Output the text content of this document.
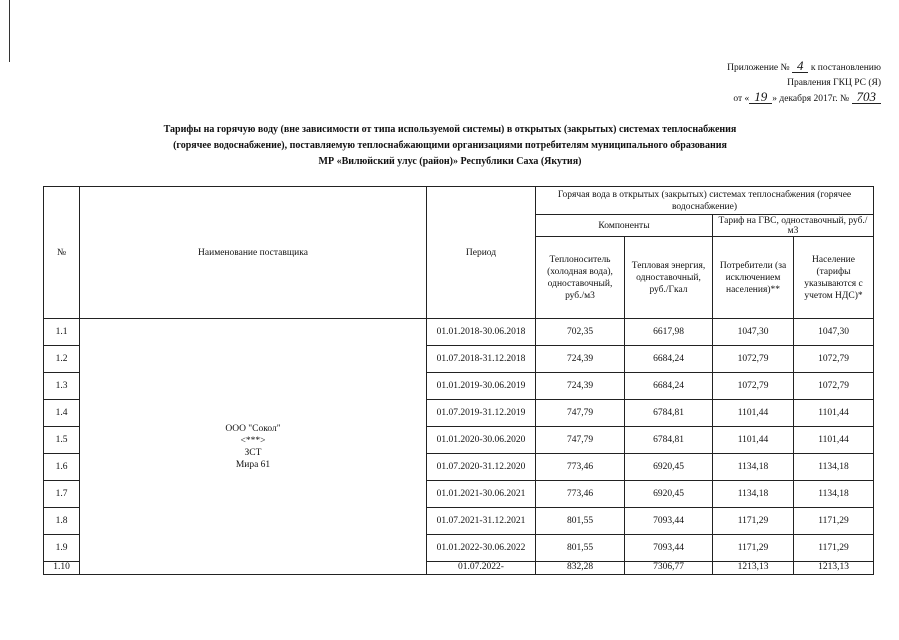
Приложение № 4 к постановлению
Правления ГКЦ РС (Я)
от « 19 » декабря 2017г. № 703
Тарифы на горячую воду (вне зависимости от типа используемой системы) в открытых (закрытых) системах теплоснабжения
(горячее водоснабжение), поставляемую теплоснабжающими организациями потребителям муниципального образования
МР «Вилюйский улус (район)» Республики Саха (Якутия)
№	Наименование поставщика	Период	Горячая вода в открытых (закрытых) системах теплоснабжения (горячее водоснабжение)			
			Компоненты		Тариф на ГВС, одноставочный, руб./м3	
			Теплоноситель (холодная вода), одноставочный, руб./м3	Тепловая энергия, одноставочный, руб./Гкал	Потребители (за исключением населения)**	Население (тарифы указываются с учетом НДС)*
1.1	ООО "Сокол"
<***>
ЗСТ
Мира 61	01.01.2018-30.06.2018	702,35	6617,98	1047,30	1047,30
1.2		01.07.2018-31.12.2018	724,39	6684,24	1072,79	1072,79
1.3		01.01.2019-30.06.2019	724,39	6684,24	1072,79	1072,79
1.4		01.07.2019-31.12.2019	747,79	6784,81	1101,44	1101,44
1.5		01.01.2020-30.06.2020	747,79	6784,81	1101,44	1101,44
1.6		01.07.2020-31.12.2020	773,46	6920,45	1134,18	1134,18
1.7		01.01.2021-30.06.2021	773,46	6920,45	1134,18	1134,18
1.8		01.07.2021-31.12.2021	801,55	7093,44	1171,29	1171,29
1.9		01.01.2022-30.06.2022	801,55	7093,44	1171,29	1171,29
1.10		01.07.2022-	832,28	7306,77	1213,13	1213,13
